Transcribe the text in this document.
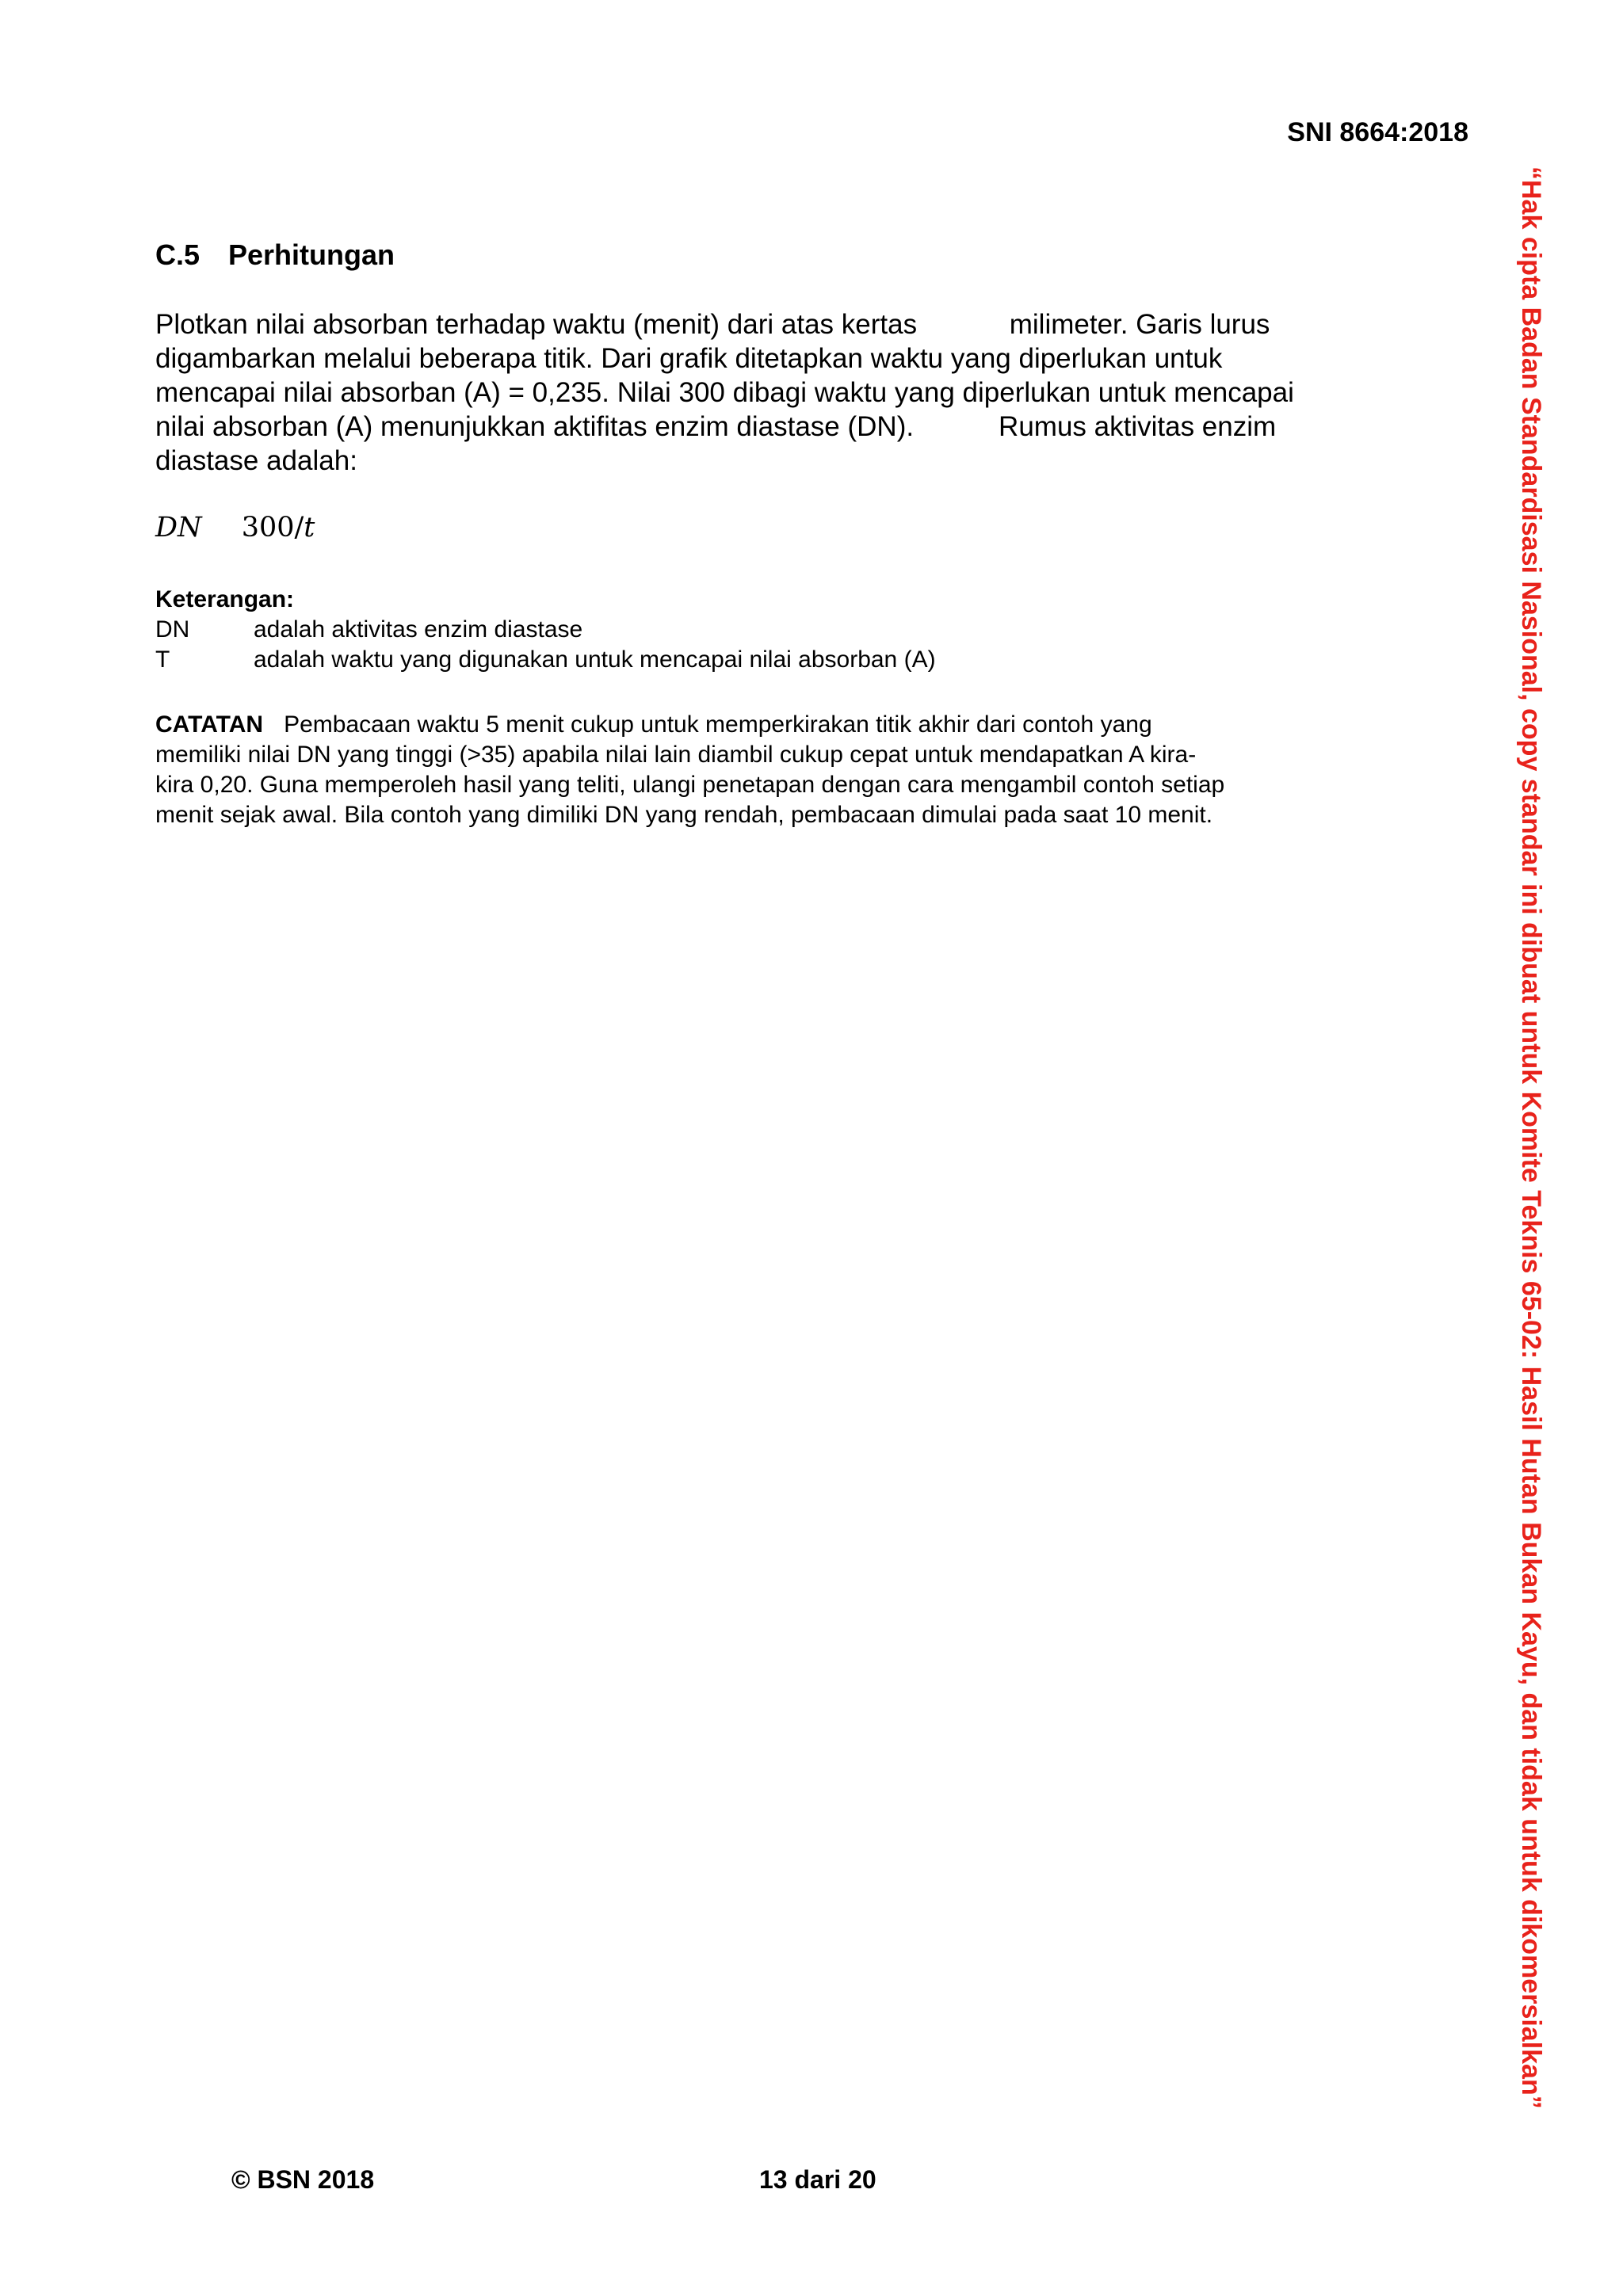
SNI 8664:2018
C.5 Perhitungan
Plotkan nilai absorban terhadap waktu (menit) dari atas kertas            milimeter. Garis lurus
digambarkan melalui beberapa titik. Dari grafik ditetapkan waktu yang diperlukan untuk
mencapai nilai absorban (A) = 0,235. Nilai 300 dibagi waktu yang diperlukan untuk mencapai
nilai absorban (A) menunjukkan aktifitas enzim diastase (DN).           Rumus aktivitas enzim
diastase adalah:
DN 300/t
Keterangan:
DN	adalah aktivitas enzim diastase
T	adalah waktu yang digunakan untuk mencapai nilai absorban (A)
CATATAN Pembacaan waktu 5 menit cukup untuk memperkirakan titik akhir dari contoh yang
memiliki nilai DN yang tinggi (>35) apabila nilai lain diambil cukup cepat untuk mendapatkan A kira-
kira 0,20. Guna memperoleh hasil yang teliti, ulangi penetapan dengan cara mengambil contoh setiap
menit sejak awal. Bila contoh yang dimiliki DN yang rendah, pembacaan dimulai pada saat 10 menit.
© BSN 2018	13 dari 20
“Hak cipta Badan Standardisasi Nasional, copy standar ini dibuat untuk Komite Teknis 65-02: Hasil Hutan Bukan Kayu, dan tidak untuk dikomersialkan”
